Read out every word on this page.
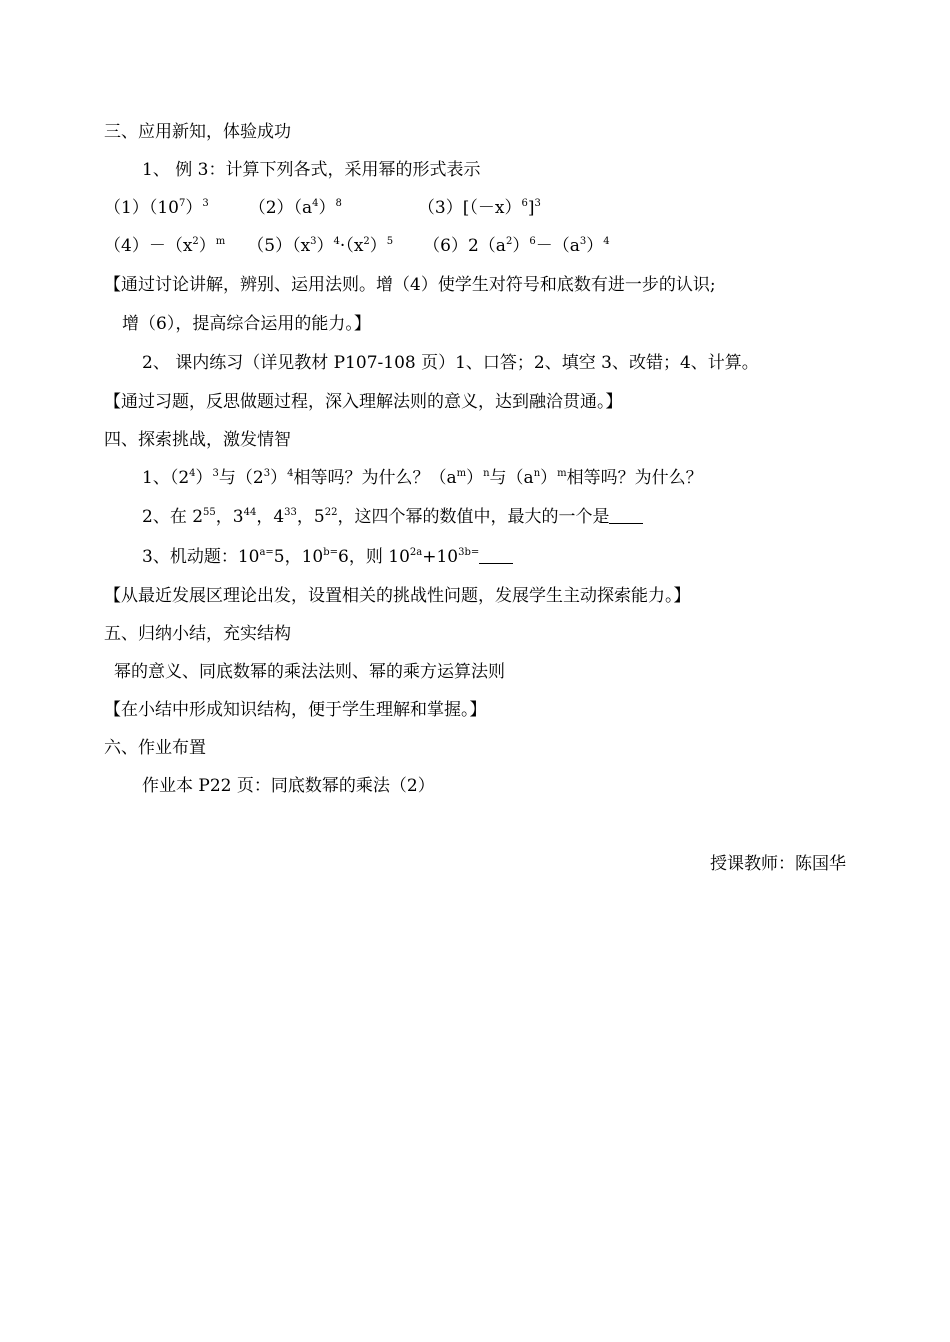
三、应用新知，体验成功
1、 例 3：计算下列各式，采用幂的形式表示
$(1)(10^7)^3$ $(2)(a^4)^8$	$(3)[(-x)^6]^3$
$(4)-(x^2)^m$ $(5)(x^3)^4\cdot(x^2)^5$ $(6)2(a^2)^6-(a^3)^4$
【通过讨论讲解，辨别、运用法则。增（4）使学生对符号和底数有进一步的认识;
增（6），提高综合运用的能力。】
2、 课内练习（详见教材 P107-108 页）1、口答；2、填空 3、改错；4、计算。
【通过习题，反思做题过程，深入理解法则的意义，达到融洽贯通。】
四、探索挑战，激发情智
1、$(2^4)^3$与$(2^3)^4$相等吗？为什么？$(a^m)^n$与$(a^n)^m$相等吗？为什么？
2、在 $2^{55}$，$3^{44}$，$4^{33}$，$5^{22}$，这四个幂的数值中，最大的一个是
3、机动题：$10^{a=}5$，$10^{b=}6$，则 $10^{2a}+10^{3b=}$
【从最近发展区理论出发，设置相关的挑战性问题，发展学生主动探索能力。】
五、归纳小结，充实结构
幂的意义、同底数幂的乘法法则、幂的乘方运算法则
【在小结中形成知识结构，便于学生理解和掌握。】
六、作业布置
作业本 P22 页：同底数幂的乘法（2）
授课教师：陈国华
